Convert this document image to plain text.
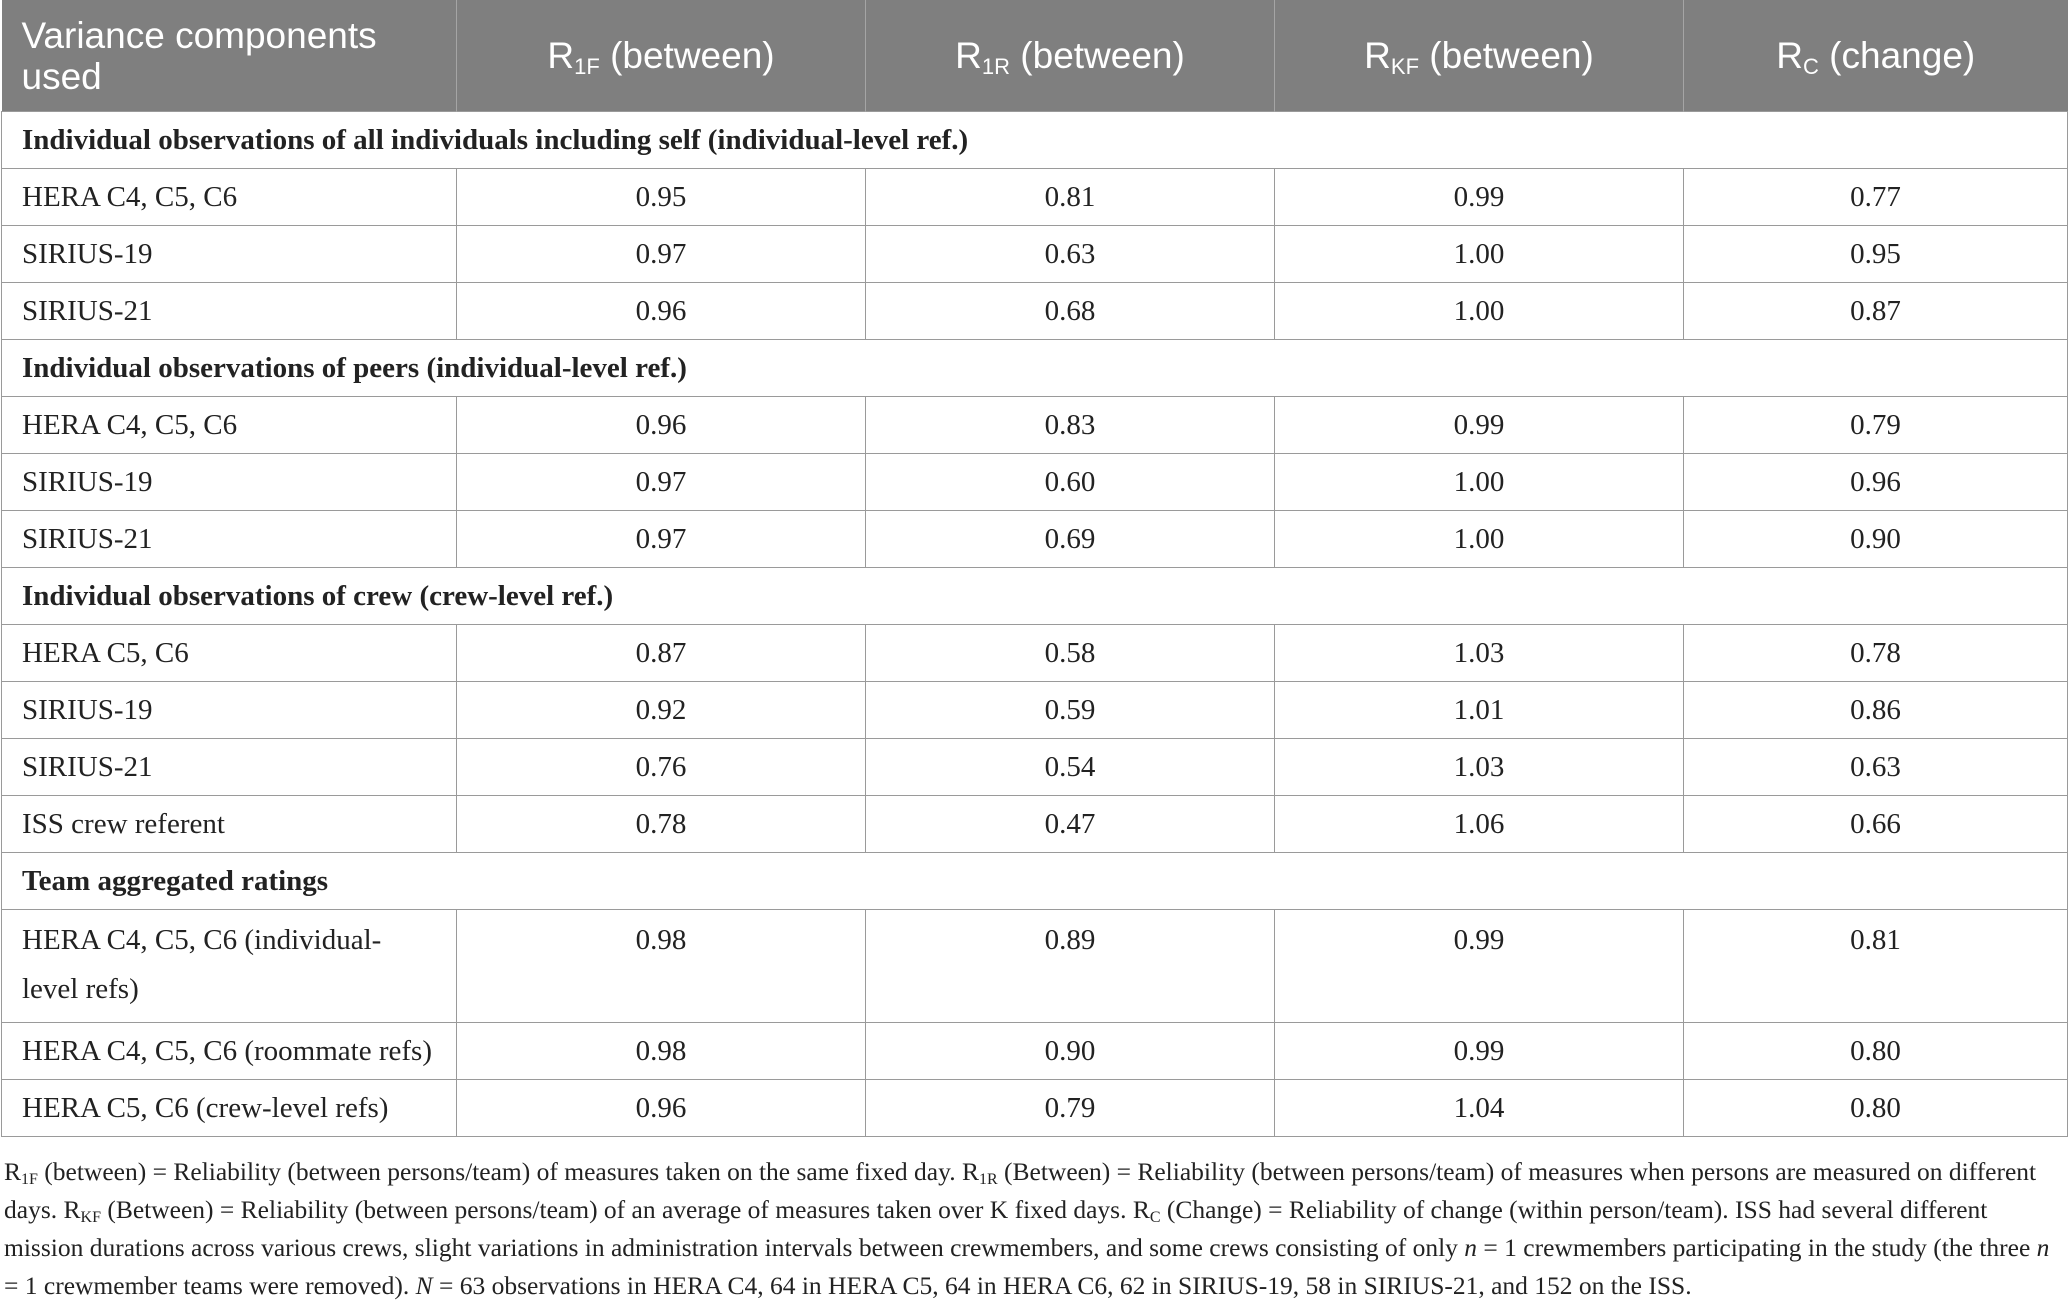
Variance components used	$R_{1F}$ (between)	$R_{1R}$ (between)	$R_{KF}$ (between)	$R_C$ (change)
Individual observations of all individuals including self (individual-level ref.)				
HERA C4, C5, C6	0.95	0.81	0.99	0.77
SIRIUS-19	0.97	0.63	1.00	0.95
SIRIUS-21	0.96	0.68	1.00	0.87
Individual observations of peers (individual-level ref.)				
HERA C4, C5, C6	0.96	0.83	0.99	0.79
SIRIUS-19	0.97	0.60	1.00	0.96
SIRIUS-21	0.97	0.69	1.00	0.90
Individual observations of crew (crew-level ref.)				
HERA C5, C6	0.87	0.58	1.03	0.78
SIRIUS-19	0.92	0.59	1.01	0.86
SIRIUS-21	0.76	0.54	1.03	0.63
ISS crew referent	0.78	0.47	1.06	0.66
Team aggregated ratings				
HERA C4, C5, C6 (individual-level refs)	0.98	0.89	0.99	0.81
HERA C4, C5, C6 (roommate refs)	0.98	0.90	0.99	0.80
HERA C5, C6 (crew-level refs)	0.96	0.79	1.04	0.80
$R_{1F}$ (between) = Reliability (between persons/team) of measures taken on the same fixed day. $R_{1R}$ (Between) = Reliability (between persons/team) of measures when persons are measured on different days. $R_{KF}$ (Between) = Reliability (between persons/team) of an average of measures taken over K fixed days. $R_C$ (Change) = Reliability of change (within person/team). ISS had several different mission durations across various crews, slight variations in administration intervals between crewmembers, and some crews consisting of only n = 1 crewmembers participating in the study (the three n = 1 crewmember teams were removed). N = 63 observations in HERA C4, 64 in HERA C5, 64 in HERA C6, 62 in SIRIUS-19, 58 in SIRIUS-21, and 152 on the ISS.
